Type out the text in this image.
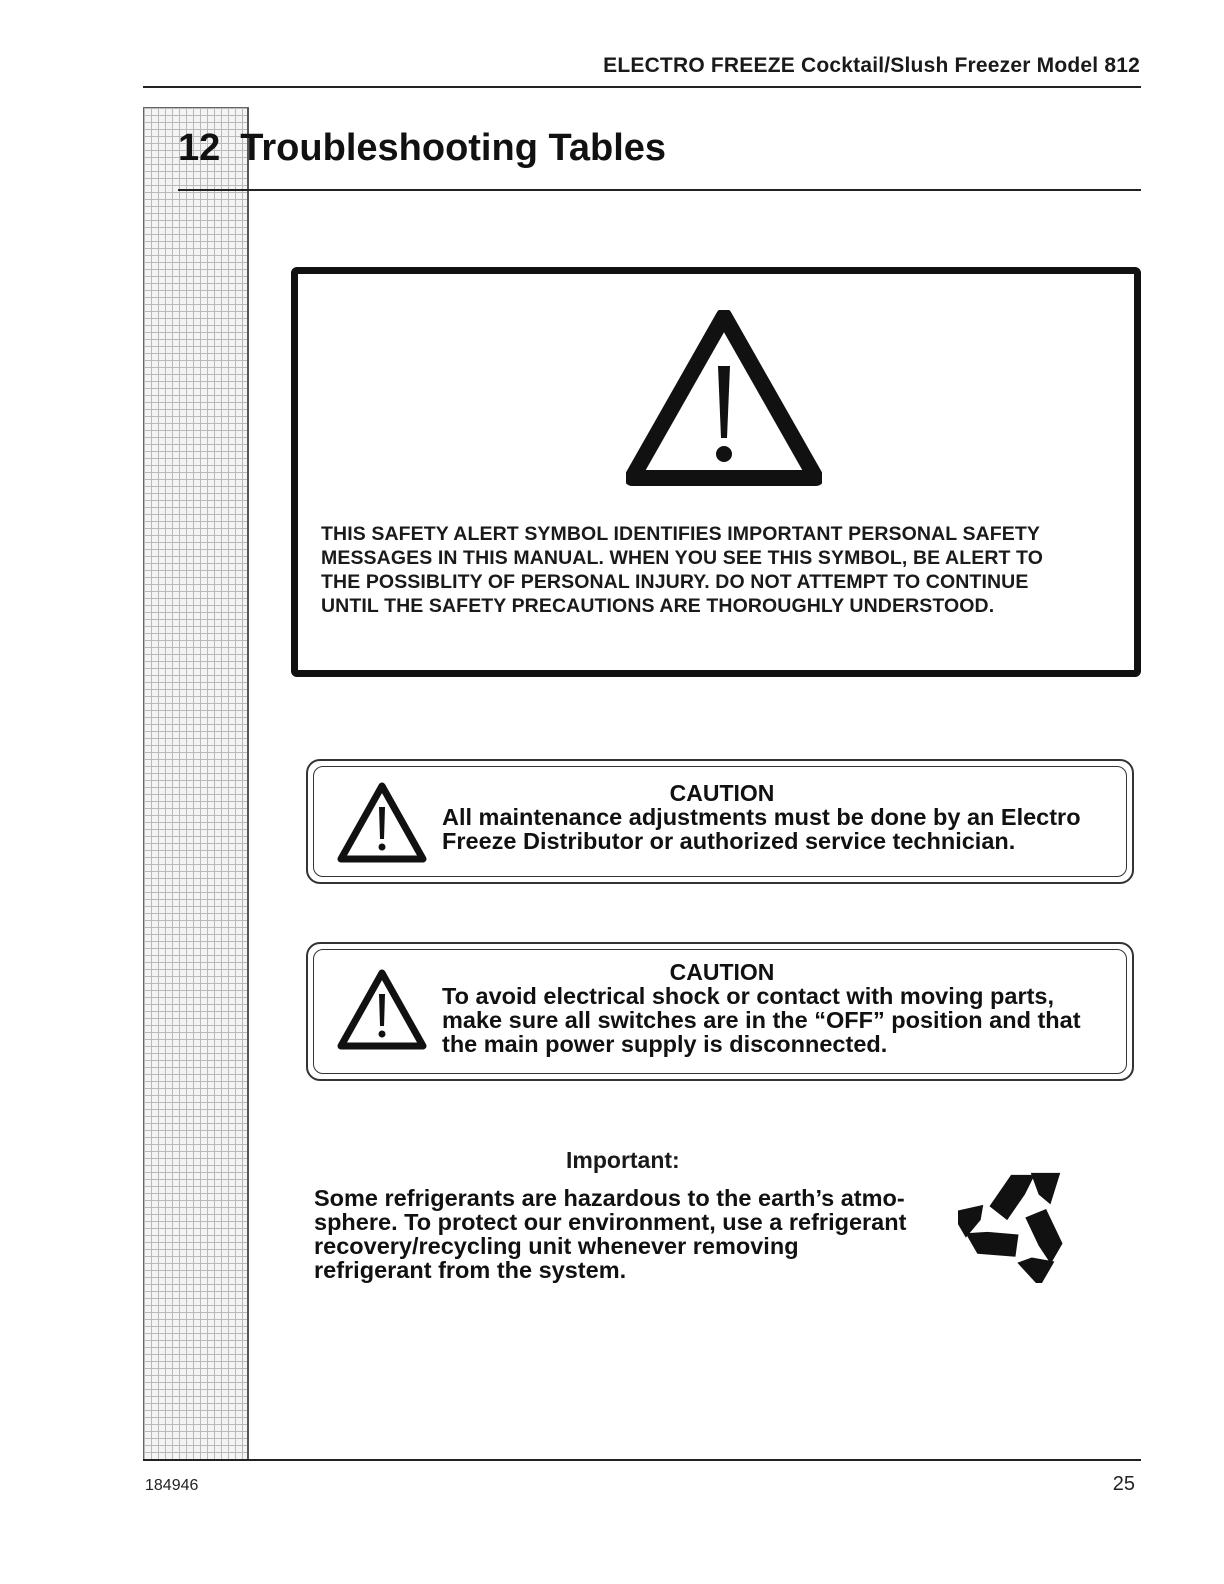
ELECTRO FREEZE Cocktail/Slush Freezer Model 812
12 Troubleshooting Tables
THIS SAFETY ALERT SYMBOL IDENTIFIES IMPORTANT PERSONAL SAFETY
MESSAGES IN THIS MANUAL. WHEN YOU SEE THIS SYMBOL, BE ALERT TO
THE POSSIBLITY OF PERSONAL INJURY. DO NOT ATTEMPT TO CONTINUE
UNTIL THE SAFETY PRECAUTIONS ARE THOROUGHLY UNDERSTOOD.
CAUTION
All maintenance adjustments must be done by an Electro
Freeze Distributor or authorized service technician.
CAUTION
To avoid electrical shock or contact with moving parts,
make sure all switches are in the “OFF” position and that
the main power supply is disconnected.
Important:
Some refrigerants are hazardous to the earth’s atmo-
sphere. To protect our environment, use a refrigerant
recovery/recycling unit whenever removing
refrigerant from the system.
184946	25
